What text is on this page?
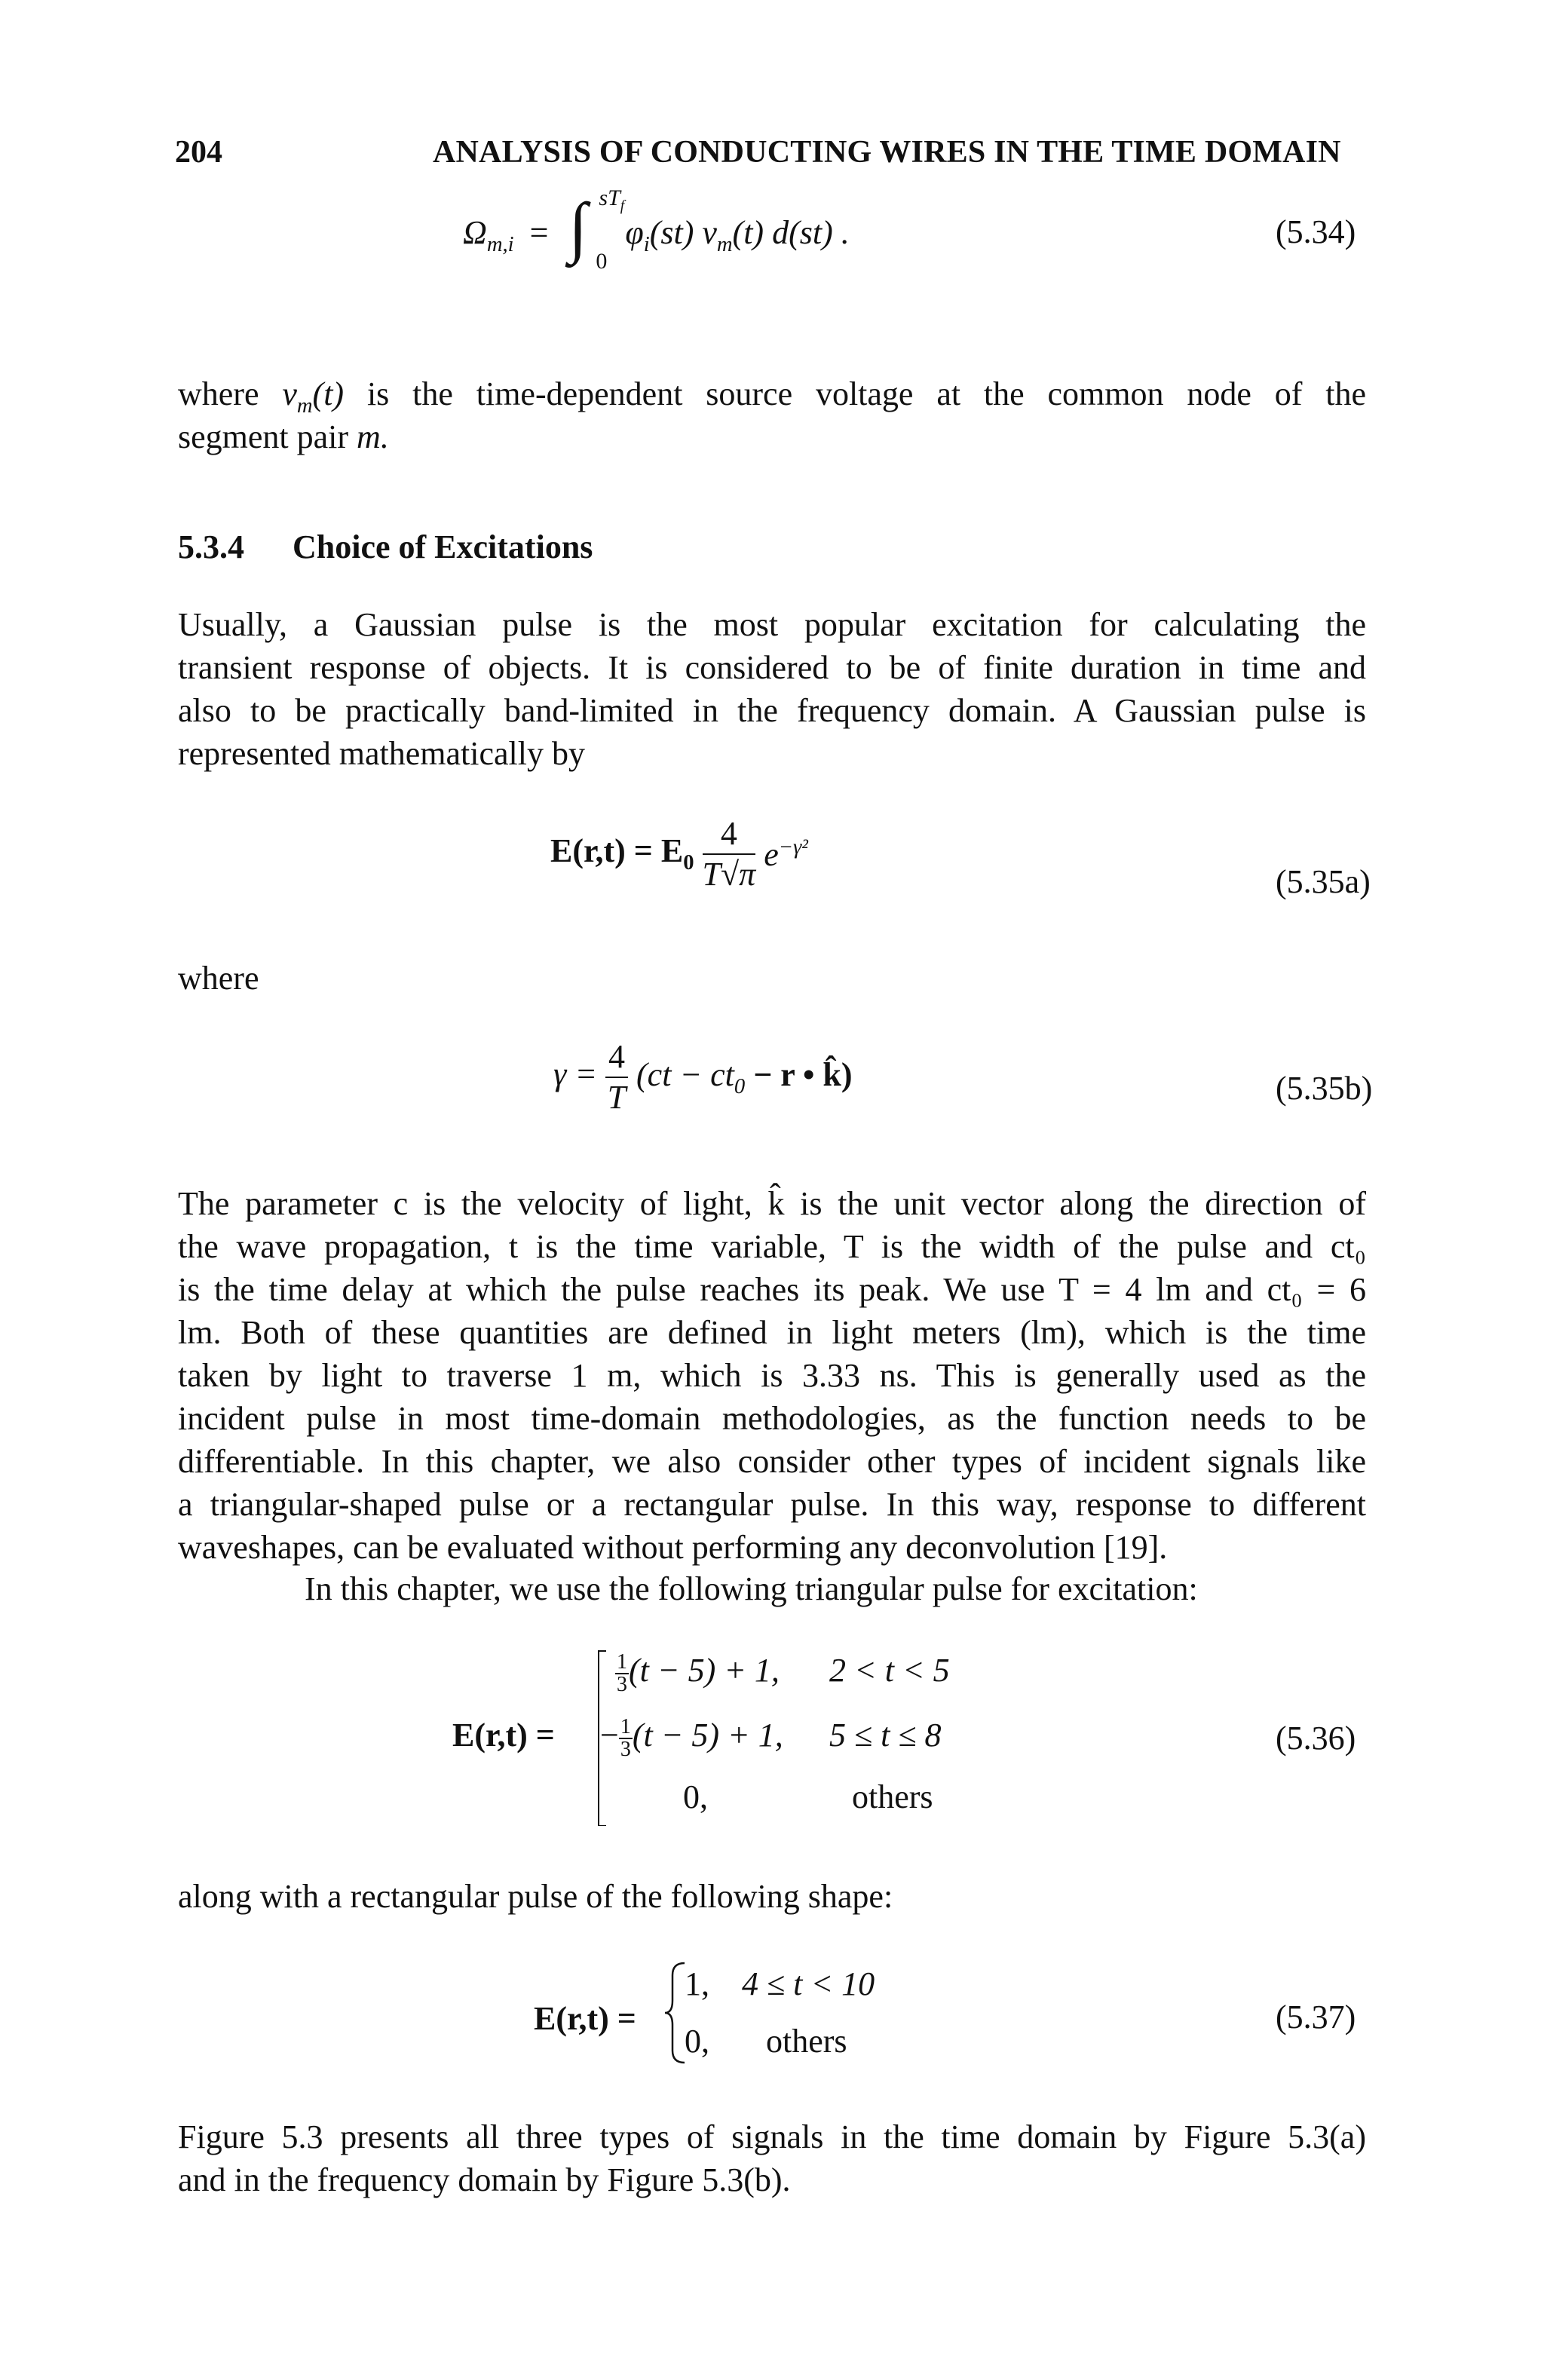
204	ANALYSIS OF CONDUCTING WIRES IN THE TIME DOMAIN
$\Omega_{m,i}$ = ∫ $sT_f$
0
$\varphi_i(st)$ $v_m(t)$ d(st) .	(5.34)
where $v_m(t)$ is the time-dependent source voltage at the common node of the
segment pair m.
5.3.4 Choice of Excitations
Usually, a Gaussian pulse is the most popular excitation for calculating the
transient response of objects. It is considered to be of finite duration in time and
also to be practically band-limited in the frequency domain. A Gaussian pulse is
represented mathematically by
$E(r,t) = E_0 \frac{4}{T√\pi} e^{-\gamma^2}$
(5.35a)
where
$\gamma = \frac{4}{T} (ct - ct_0 - r$ • k̂)	(5.35b)
The parameter c is the velocity of light, k̂ is the unit vector along the direction of
the wave propagation, t is the time variable, T is the width of the pulse and ct₀
is the time delay at which the pulse reaches its peak. We use T = 4 lm and ct₀ = 6
lm. Both of these quantities are defined in light meters (lm), which is the time
taken by light to traverse 1 m, which is 3.33 ns. This is generally used as the
incident pulse in most time-domain methodologies, as the function needs to be
differentiable. In this chapter, we also consider other types of incident signals like
a triangular-shaped pulse or a rectangular pulse. In this way, response to different
waveshapes, can be evaluated without performing any deconvolution [19].
In this chapter, we use the following triangular pulse for excitation:
E(r,t) =
$\frac{1}{3} (t - 5) + 1$, 2 < t < 5
− $\frac{1}{3} (t - 5) + 1$, 5 ≤ t ≤ 8
0,	others
(5.36)
along with a rectangular pulse of the following shape:
E(r,t) =
1, 4 ≤ t < 10
0, others
(5.37)
Figure 5.3 presents all three types of signals in the time domain by Figure 5.3(a)
and in the frequency domain by Figure 5.3(b).
